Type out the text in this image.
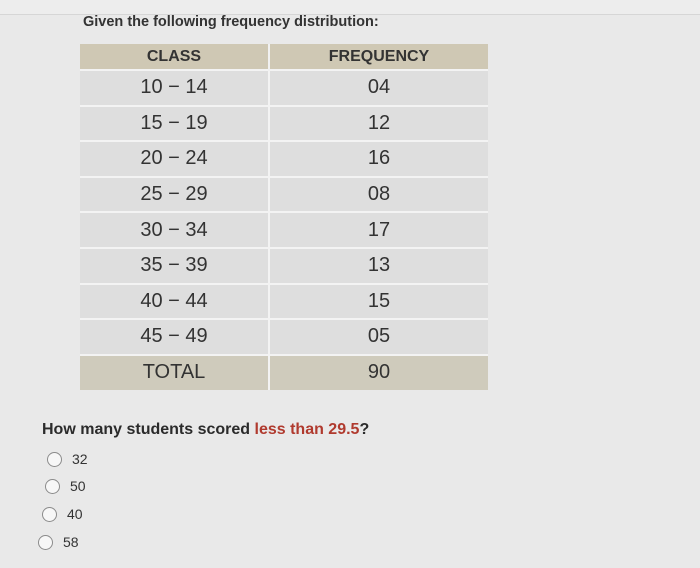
Given the following frequency distribution:
CLASS	FREQUENCY
10 − 14	04
15 − 19	12
20 − 24	16
25 − 29	08
30 − 34	17
35 − 39	13
40 − 44	15
45 − 49	05
TOTAL	90
How many students scored less than 29.5?
32
50
40
58
